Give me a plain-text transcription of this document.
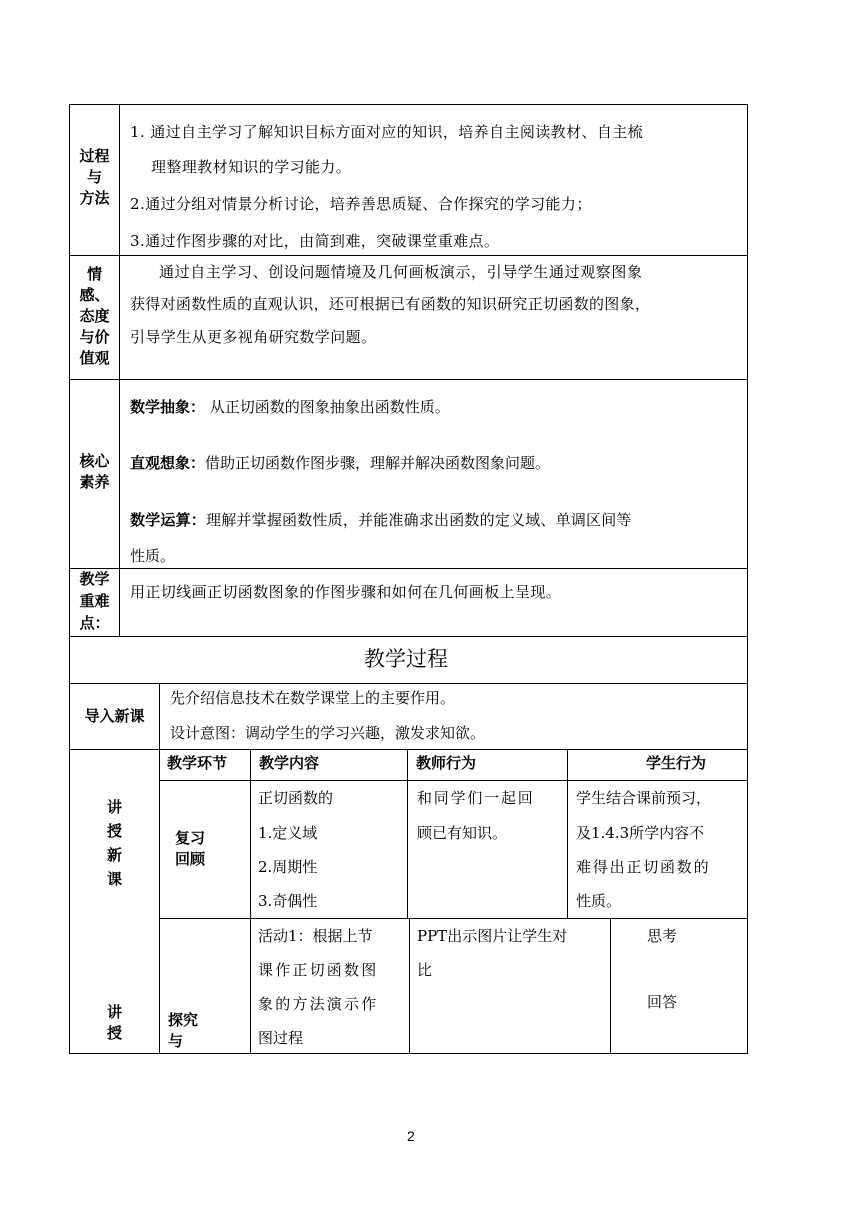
过程
与
方法
1. 通过自主学习了解知识目标方面对应的知识，培养自主阅读教材、自主梳
理整理教材知识的学习能力。
2.通过分组对情景分析讨论，培养善思质疑、合作探究的学习能力；
3.通过作图步骤的对比，由简到难，突破课堂重难点。
情
感、
态度
与价
值观
通过自主学习、创设问题情境及几何画板演示，引导学生通过观察图象
获得对函数性质的直观认识，还可根据已有函数的知识研究正切函数的图象，
引导学生从更多视角研究数学问题。
核心
素养
数学抽象： 从正切函数的图象抽象出函数性质。
直观想象：借助正切函数作图步骤，理解并解决函数图象问题。
数学运算：理解并掌握函数性质，并能准确求出函数的定义域、单调区间等
性质。
教学
重难
点：
用正切线画正切函数图象的作图步骤和如何在几何画板上呈现。
教学过程
导入新课
先介绍信息技术在数学课堂上的主要作用。
设计意图：调动学生的学习兴趣，激发求知欲。
讲
授
新
课
教学环节 教学内容	教师行为	学生行为
复习
回顾
正切函数的
1.定义域
2.周期性
3.奇偶性
和同学们一起回
顾已有知识。
学生结合课前预习，
及1.4.3所学内容不
难得出正切函数的
性质。
讲
授
探究
与
活动1：根据上节
课作正切函数图
象的方法演示作
图过程
PPT出示图片让学生对
比
思考
回答
2
